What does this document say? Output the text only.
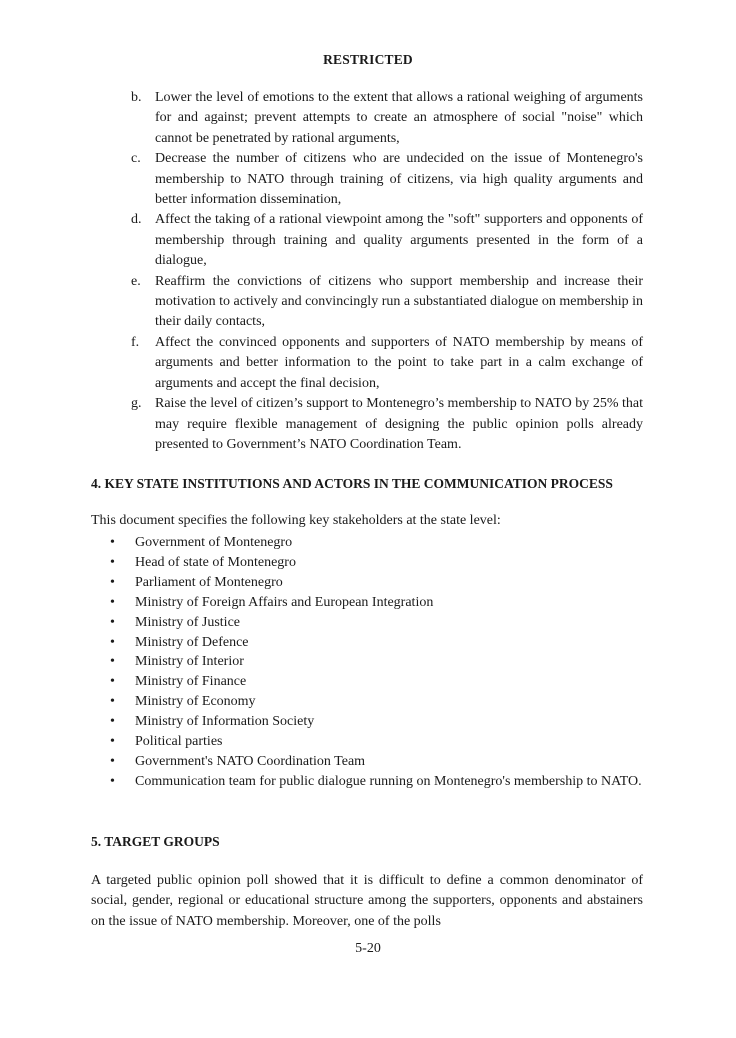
RESTRICTED
b. Lower the level of emotions to the extent that allows a rational weighing of arguments for and against; prevent attempts to create an atmosphere of social "noise" which cannot be penetrated by rational arguments,
c. Decrease the number of citizens who are undecided on the issue of Montenegro's membership to NATO through training of citizens, via high quality arguments and better information dissemination,
d. Affect the taking of a rational viewpoint among the "soft" supporters and opponents of membership through training and quality arguments presented in the form of a dialogue,
e. Reaffirm the convictions of citizens who support membership and increase their motivation to actively and convincingly run a substantiated dialogue on membership in their daily contacts,
f. Affect the convinced opponents and supporters of NATO membership by means of arguments and better information to the point to take part in a calm exchange of arguments and accept the final decision,
g. Raise the level of citizen’s support to Montenegro’s membership to NATO by 25% that may require flexible management of designing the public opinion polls already presented to Government’s NATO Coordination Team.
4. KEY STATE INSTITUTIONS AND ACTORS IN THE COMMUNICATION PROCESS
This document specifies the following key stakeholders at the state level:
• Government of Montenegro
• Head of state of Montenegro
• Parliament of Montenegro
• Ministry of Foreign Affairs and European Integration
• Ministry of Justice
• Ministry of Defence
• Ministry of Interior
• Ministry of Finance
• Ministry of Economy
• Ministry of Information Society
• Political parties
• Government's NATO Coordination Team
• Communication team for public dialogue running on Montenegro's membership to NATO.
5. TARGET GROUPS
A targeted public opinion poll showed that it is difficult to define a common denominator of social, gender, regional or educational structure among the supporters, opponents and abstainers on the issue of NATO membership. Moreover, one of the polls
5-20
